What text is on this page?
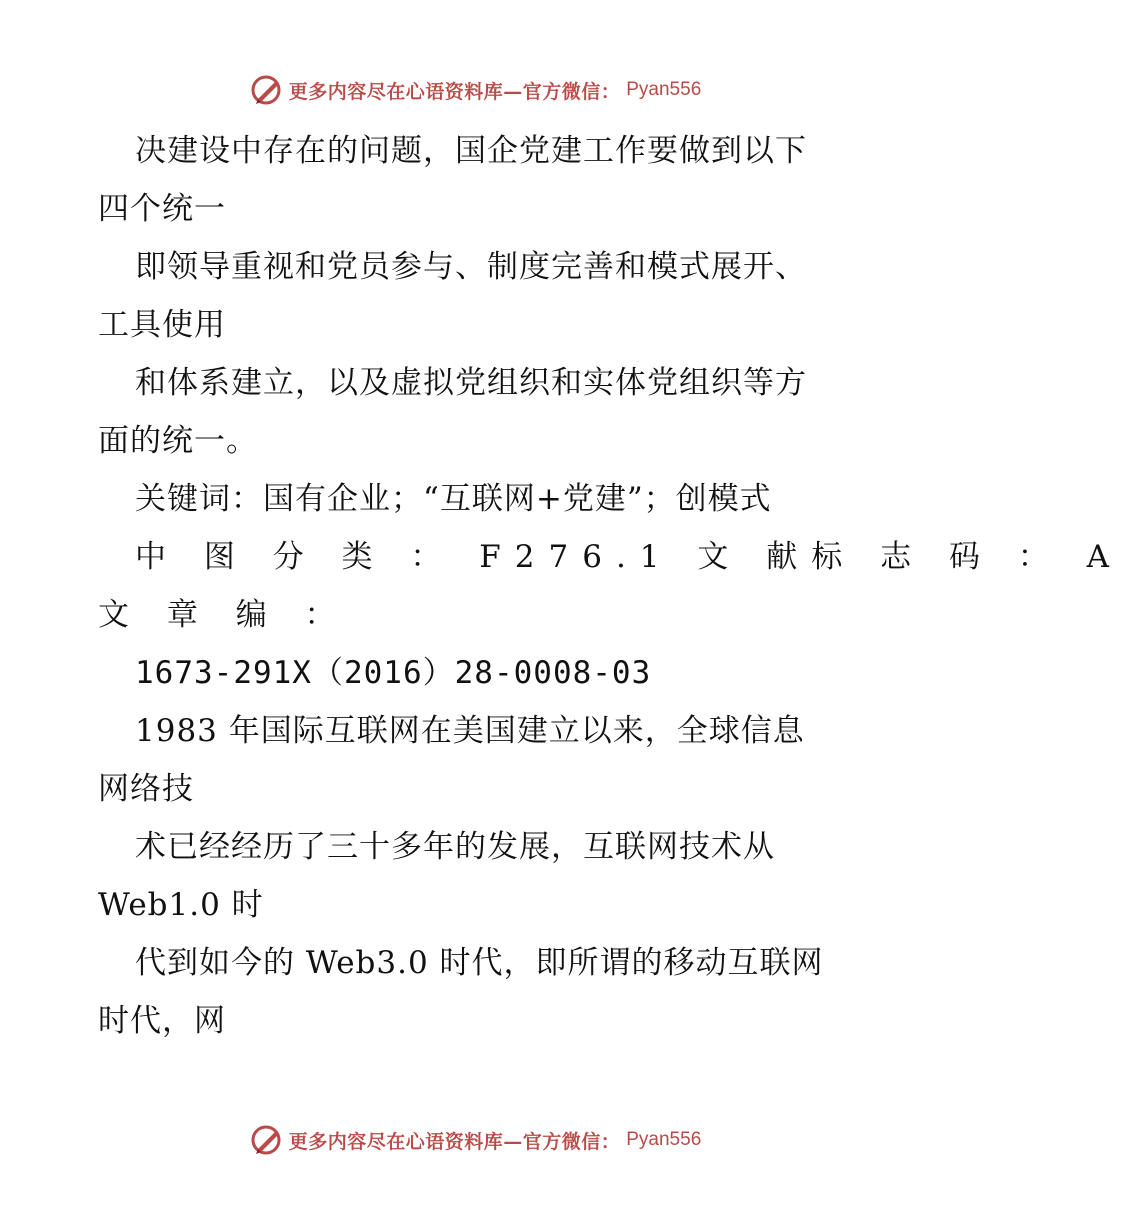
更多内容尽在心语资料库—官方微信： Pyan556
决建设中存在的问题，国企党建工作要做到以下
四个统一
即领导重视和党员参与、制度完善和模式展开、
工具使用
和体系建立，以及虚拟党组织和实体党组织等方
面的统一。
关键词：国有企业；“互联网+党建”；创模式
中 图 分 类 ： F276.1 文 献标 志 码 ： A
文 章 编 ：
1673-291X（2016）28-0008-03
1983 年国际互联网在美国建立以来，全球信息
网络技
术已经经历了三十多年的发展，互联网技术从
Web1.0 时
代到如今的 Web3.0 时代，即所谓的移动互联网
时代，网
更多内容尽在心语资料库—官方微信： Pyan556
